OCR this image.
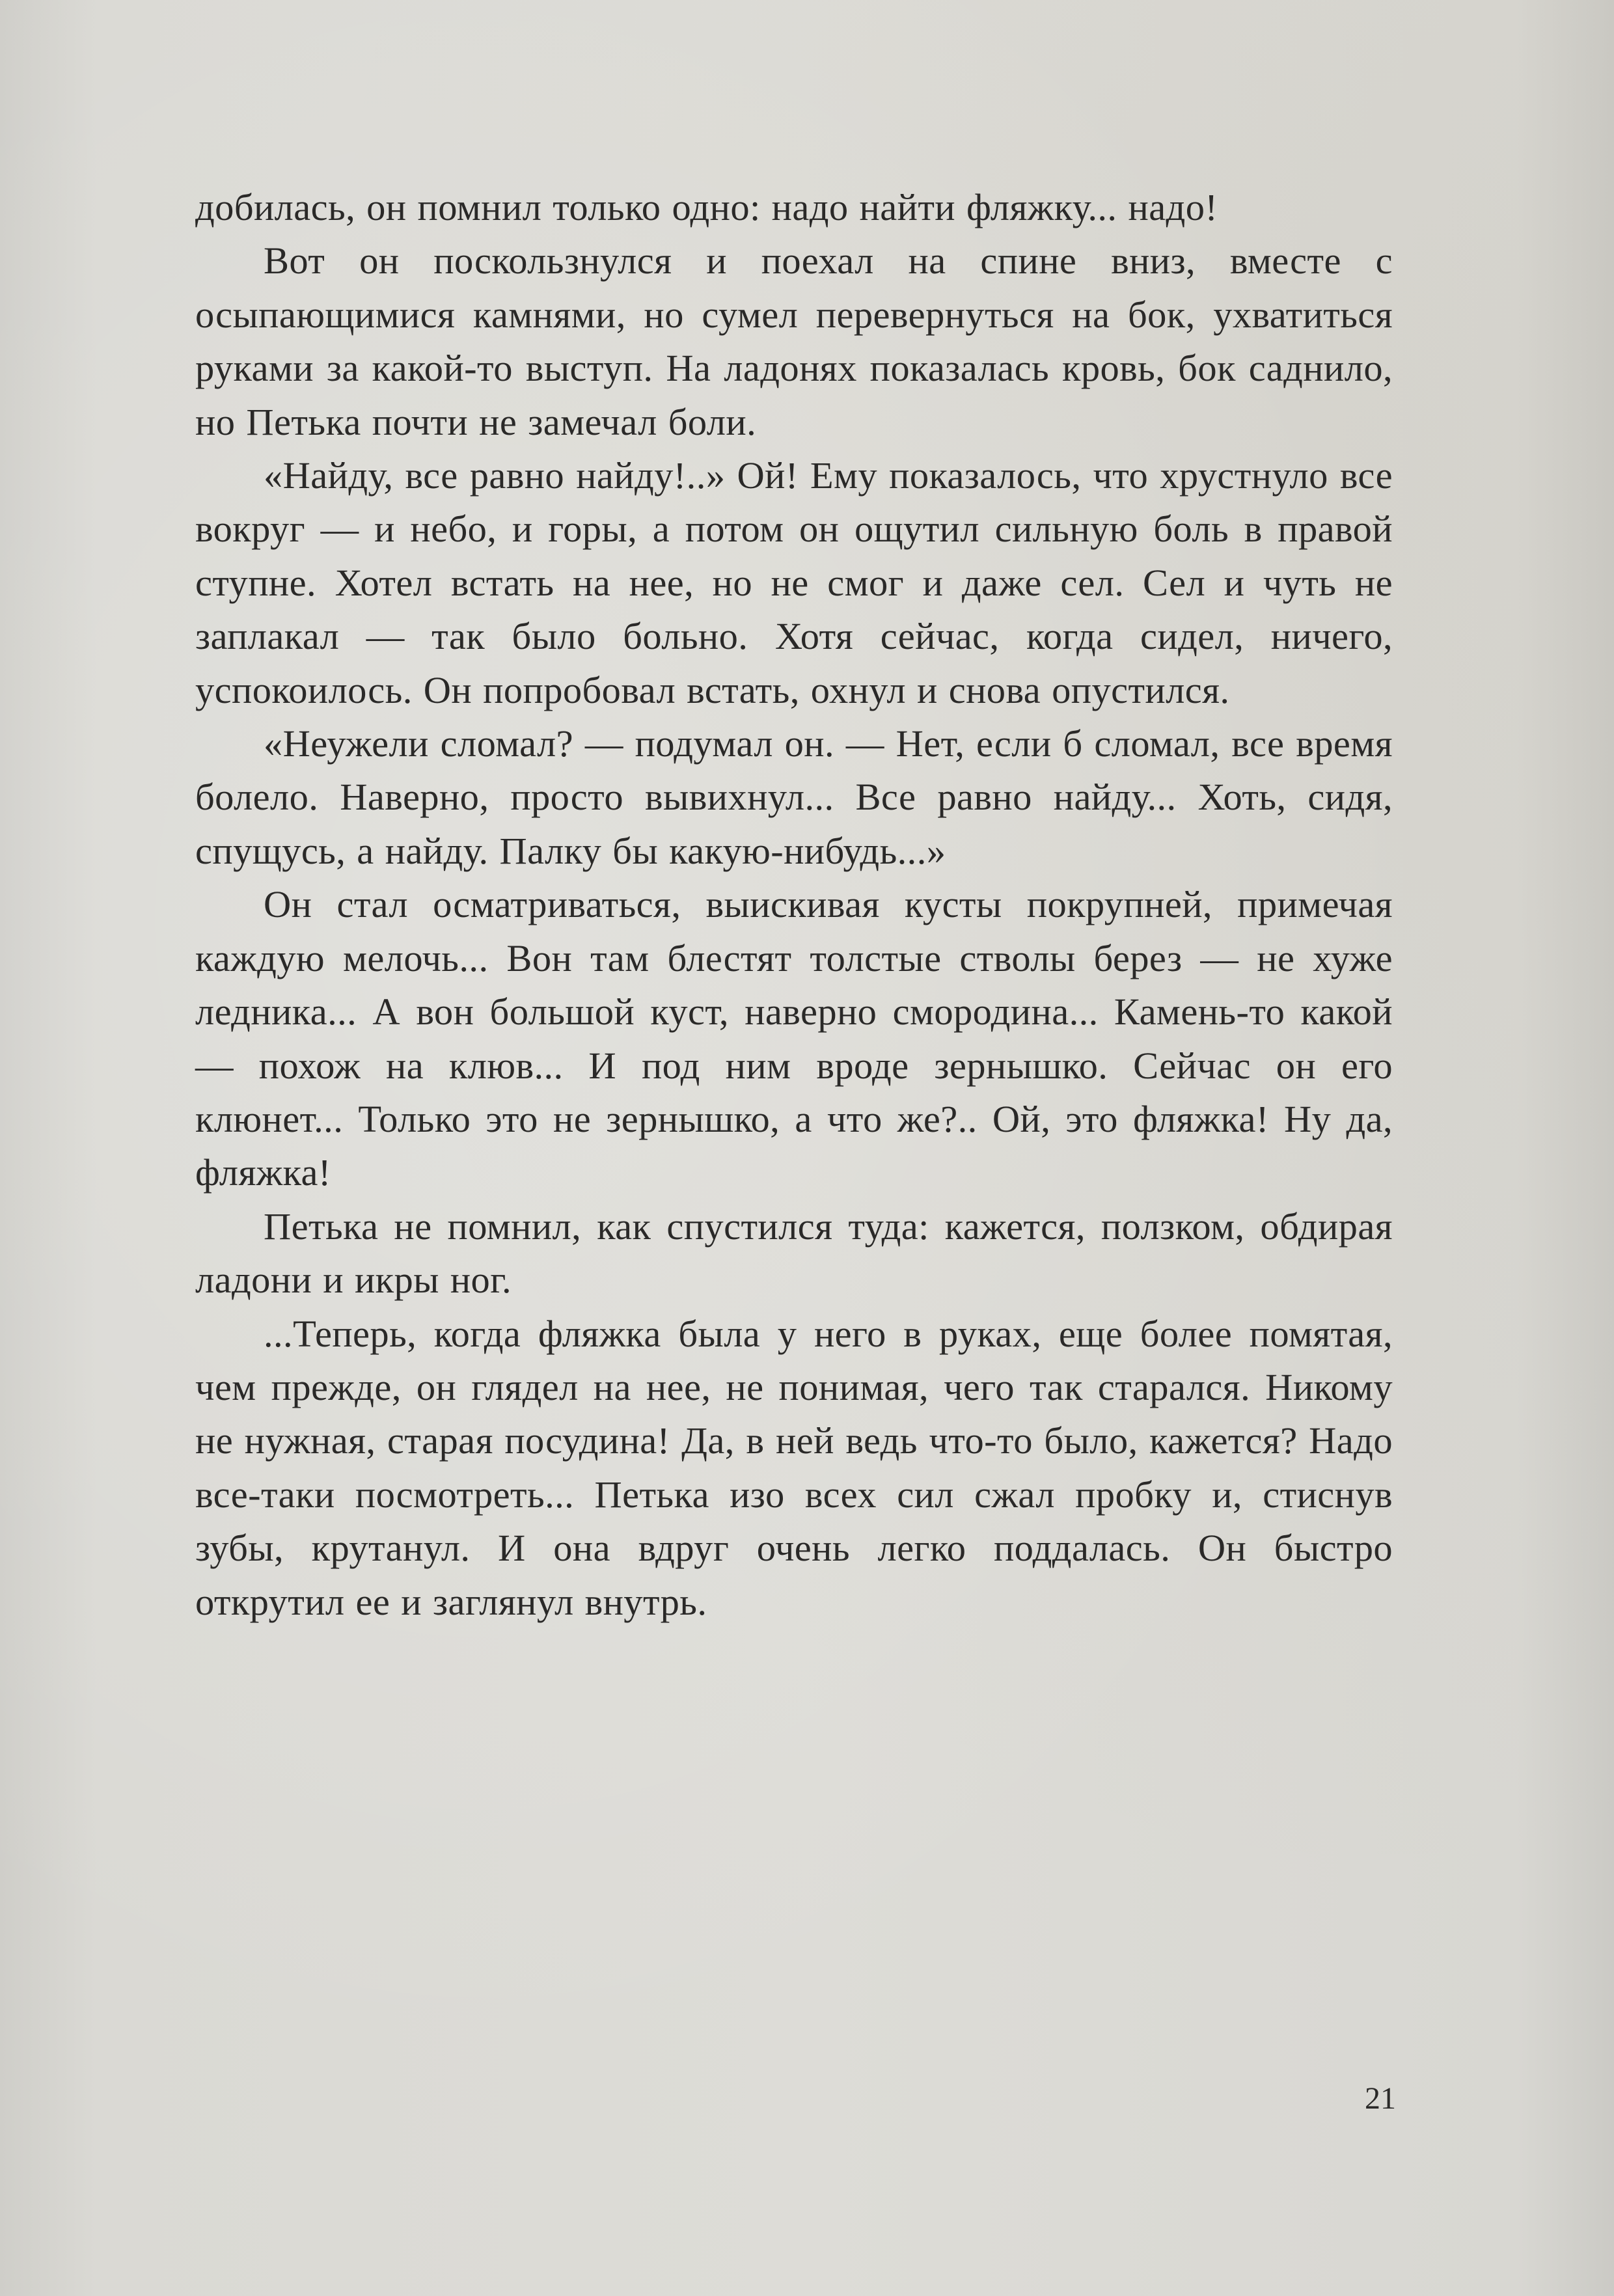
добилась, он помнил только одно: надо найти фляжку... надо!

Вот он поскользнулся и поехал на спине вниз, вместе с осыпающимися камнями, но сумел перевернуться на бок, ухватиться руками за какой-то выступ. На ладонях показалась кровь, бок саднило, но Петька почти не замечал боли.

«Найду, все равно найду!..» Ой! Ему показалось, что хрустнуло все вокруг — и небо, и горы, а потом он ощутил сильную боль в правой ступне. Хотел встать на нее, но не смог и даже сел. Сел и чуть не заплакал — так было больно. Хотя сейчас, когда сидел, ничего, успокоилось. Он попробовал встать, охнул и снова опустился.

«Неужели сломал? — подумал он. — Нет, если б сломал, все время болело. Наверно, просто вывихнул... Все равно найду... Хоть, сидя, спущусь, а найду. Палку бы какую-нибудь...»

Он стал осматриваться, выискивая кусты покрупней, примечая каждую мелочь... Вон там блестят толстые стволы берез — не хуже ледника... А вон большой куст, наверно смородина... Камень-то какой — похож на клюв... И под ним вроде зернышко. Сейчас он его клюнет... Только это не зернышко, а что же?.. Ой, это фляжка! Ну да, фляжка!

Петька не помнил, как спустился туда: кажется, ползком, обдирая ладони и икры ног.

...Теперь, когда фляжка была у него в руках, еще более помятая, чем прежде, он глядел на нее, не понимая, чего так старался. Никому не нужная, старая посудина! Да, в ней ведь что-то было, кажется? Надо все-таки посмотреть... Петька изо всех сил сжал пробку и, стиснув зубы, крутанул. И она вдруг очень легко поддалась. Он быстро открутил ее и заглянул внутрь.

21
